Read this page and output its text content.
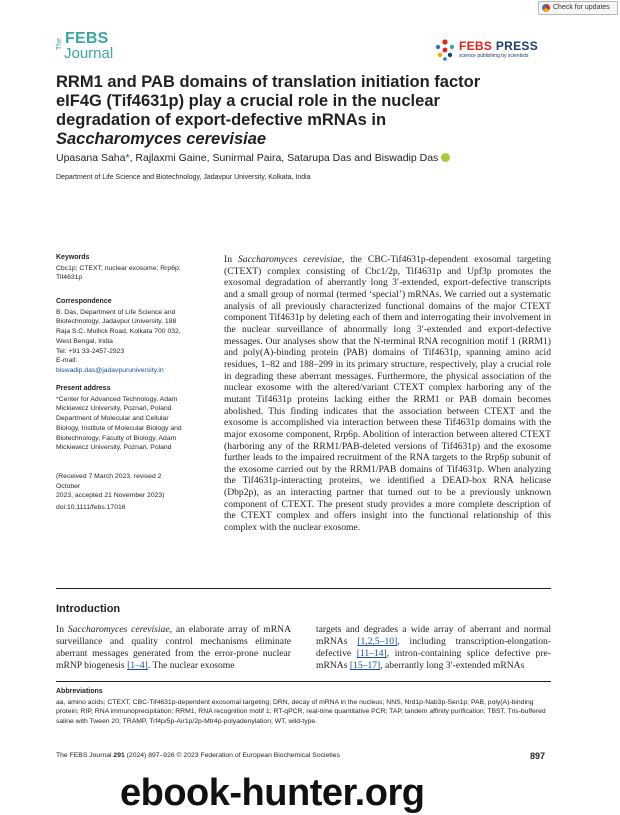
Check for updates
The FEBS
Journal	FEBS PRESS
science publishing by scientists
RRM1 and PAB domains of translation initiation factor
eIF4G (Tif4631p) play a crucial role in the nuclear
degradation of export-defective mRNAs in
Saccharomyces cerevisiae
Upasana Saha*, Rajlaxmi Gaine, Sunirmal Paira, Satarupa Das and Biswadip Das
Department of Life Science and Biotechnology, Jadavpur University, Kolkata, India
Keywords

Cbc1p; CTEXT; nuclear exosome; Rrp6p; Tif4631p

Correspondence
B. Das, Department of Life Science and
Biotechnology, Jadavpur University, 188
Raja S.C. Mullick Road, Kolkata 700 032,
West Bengal, India
Tel: +91 33-2457-2923
E-mail: biswadip.das@jadavpuruniversity.in
Present address
*Center for Advanced Technology, Adam
Mickiewicz University, Poznań, Poland
Department of Molecular and Cellular
Biology, Institute of Molecular Biology and
Biotechnology, Faculty of Biology, Adam
Mickiewicz University, Poznań, Poland
(Received 7 March 2023, revised 2 October
2023, accepted 21 November 2023)
doi:10.1111/febs.17016
In Saccharomyces cerevisiae, the CBC-Tif4631p-dependent exosomal targeting (CTEXT) complex consisting of Cbc1/2p, Tif4631p and Upf3p promotes the exosomal degradation of aberrantly long 3′-extended, export-defective transcripts and a small group of normal (termed ‘special’) mRNAs. We carried out a systematic analysis of all previously characterized functional domains of the major CTEXT component Tif4631p by deleting each of them and interrogating their involvement in the nuclear surveillance of abnormally long 3′-extended and export-defective messages. Our analyses show that the N-terminal RNA recognition motif 1 (RRM1) and poly(A)-binding protein (PAB) domains of Tif4631p, spanning amino acid residues, 1–82 and 188–299 in its primary structure, respectively, play a crucial role in degrading these aberrant messages. Furthermore, the physical association of the nuclear exosome with the altered/variant CTEXT complex harboring any of the mutant Tif4631p proteins lacking either the RRM1 or PAB domain becomes abolished. This finding indicates that the association between CTEXT and the exosome is accomplished via interaction between these Tif4631p domains with the major exosome component, Rrp6p. Abolition of interaction between altered CTEXT (harboring any of the RRM1/PAB-deleted versions of Tif4631p) and the exosome further leads to the impaired recruitment of the RNA targets to the Rrp6p subunit of the exosome carried out by the RRM1/PAB domains of Tif4631p. When analyzing the Tif4631p-interacting proteins, we identified a DEAD-box RNA helicase (Dbp2p), as an interacting partner that turned out to be a previously unknown component of CTEXT. The present study provides a more complete description of the CTEXT complex and offers insight into the functional relationship of this complex with the nuclear exosome.
Introduction
In Saccharomyces cerevisiae, an elaborate array of mRNA surveillance and quality control mechanisms eliminate aberrant messages generated from the error-prone nuclear mRNP biogenesis [1–4]. The nuclear exosome
targets and degrades a wide array of aberrant and normal mRNAs [1,2,5–10], including transcription-elongation-defective [11–14], intron-containing splice defective pre-mRNAs [15–17], aberrantly long 3′-extended mRNAs
Abbreviations

aa, amino acids; CTEXT, CBC-Tif4631p-dependent exosomal targeting; DRN, decay of mRNA in the nucleus; NNS, Nrd1p-Nab3p-Sen1p; PAB, poly(A)-binding protein; RIP, RNA immunoprecipitation; RRM1, RNA recognition motif 1; RT-qPCR, real-time quantitative PCR; TAP, tandem affinity purification; TBST, Tris-buffered saline with Tween 20; TRAMP, Trf4p/5p-Air1p/2p-Mtr4p-polyadenylation; WT, wild-type.

The FEBS Journal 291 (2024) 897–926 © 2023 Federation of European Biochemical Societies	897
ebook-hunter.org
